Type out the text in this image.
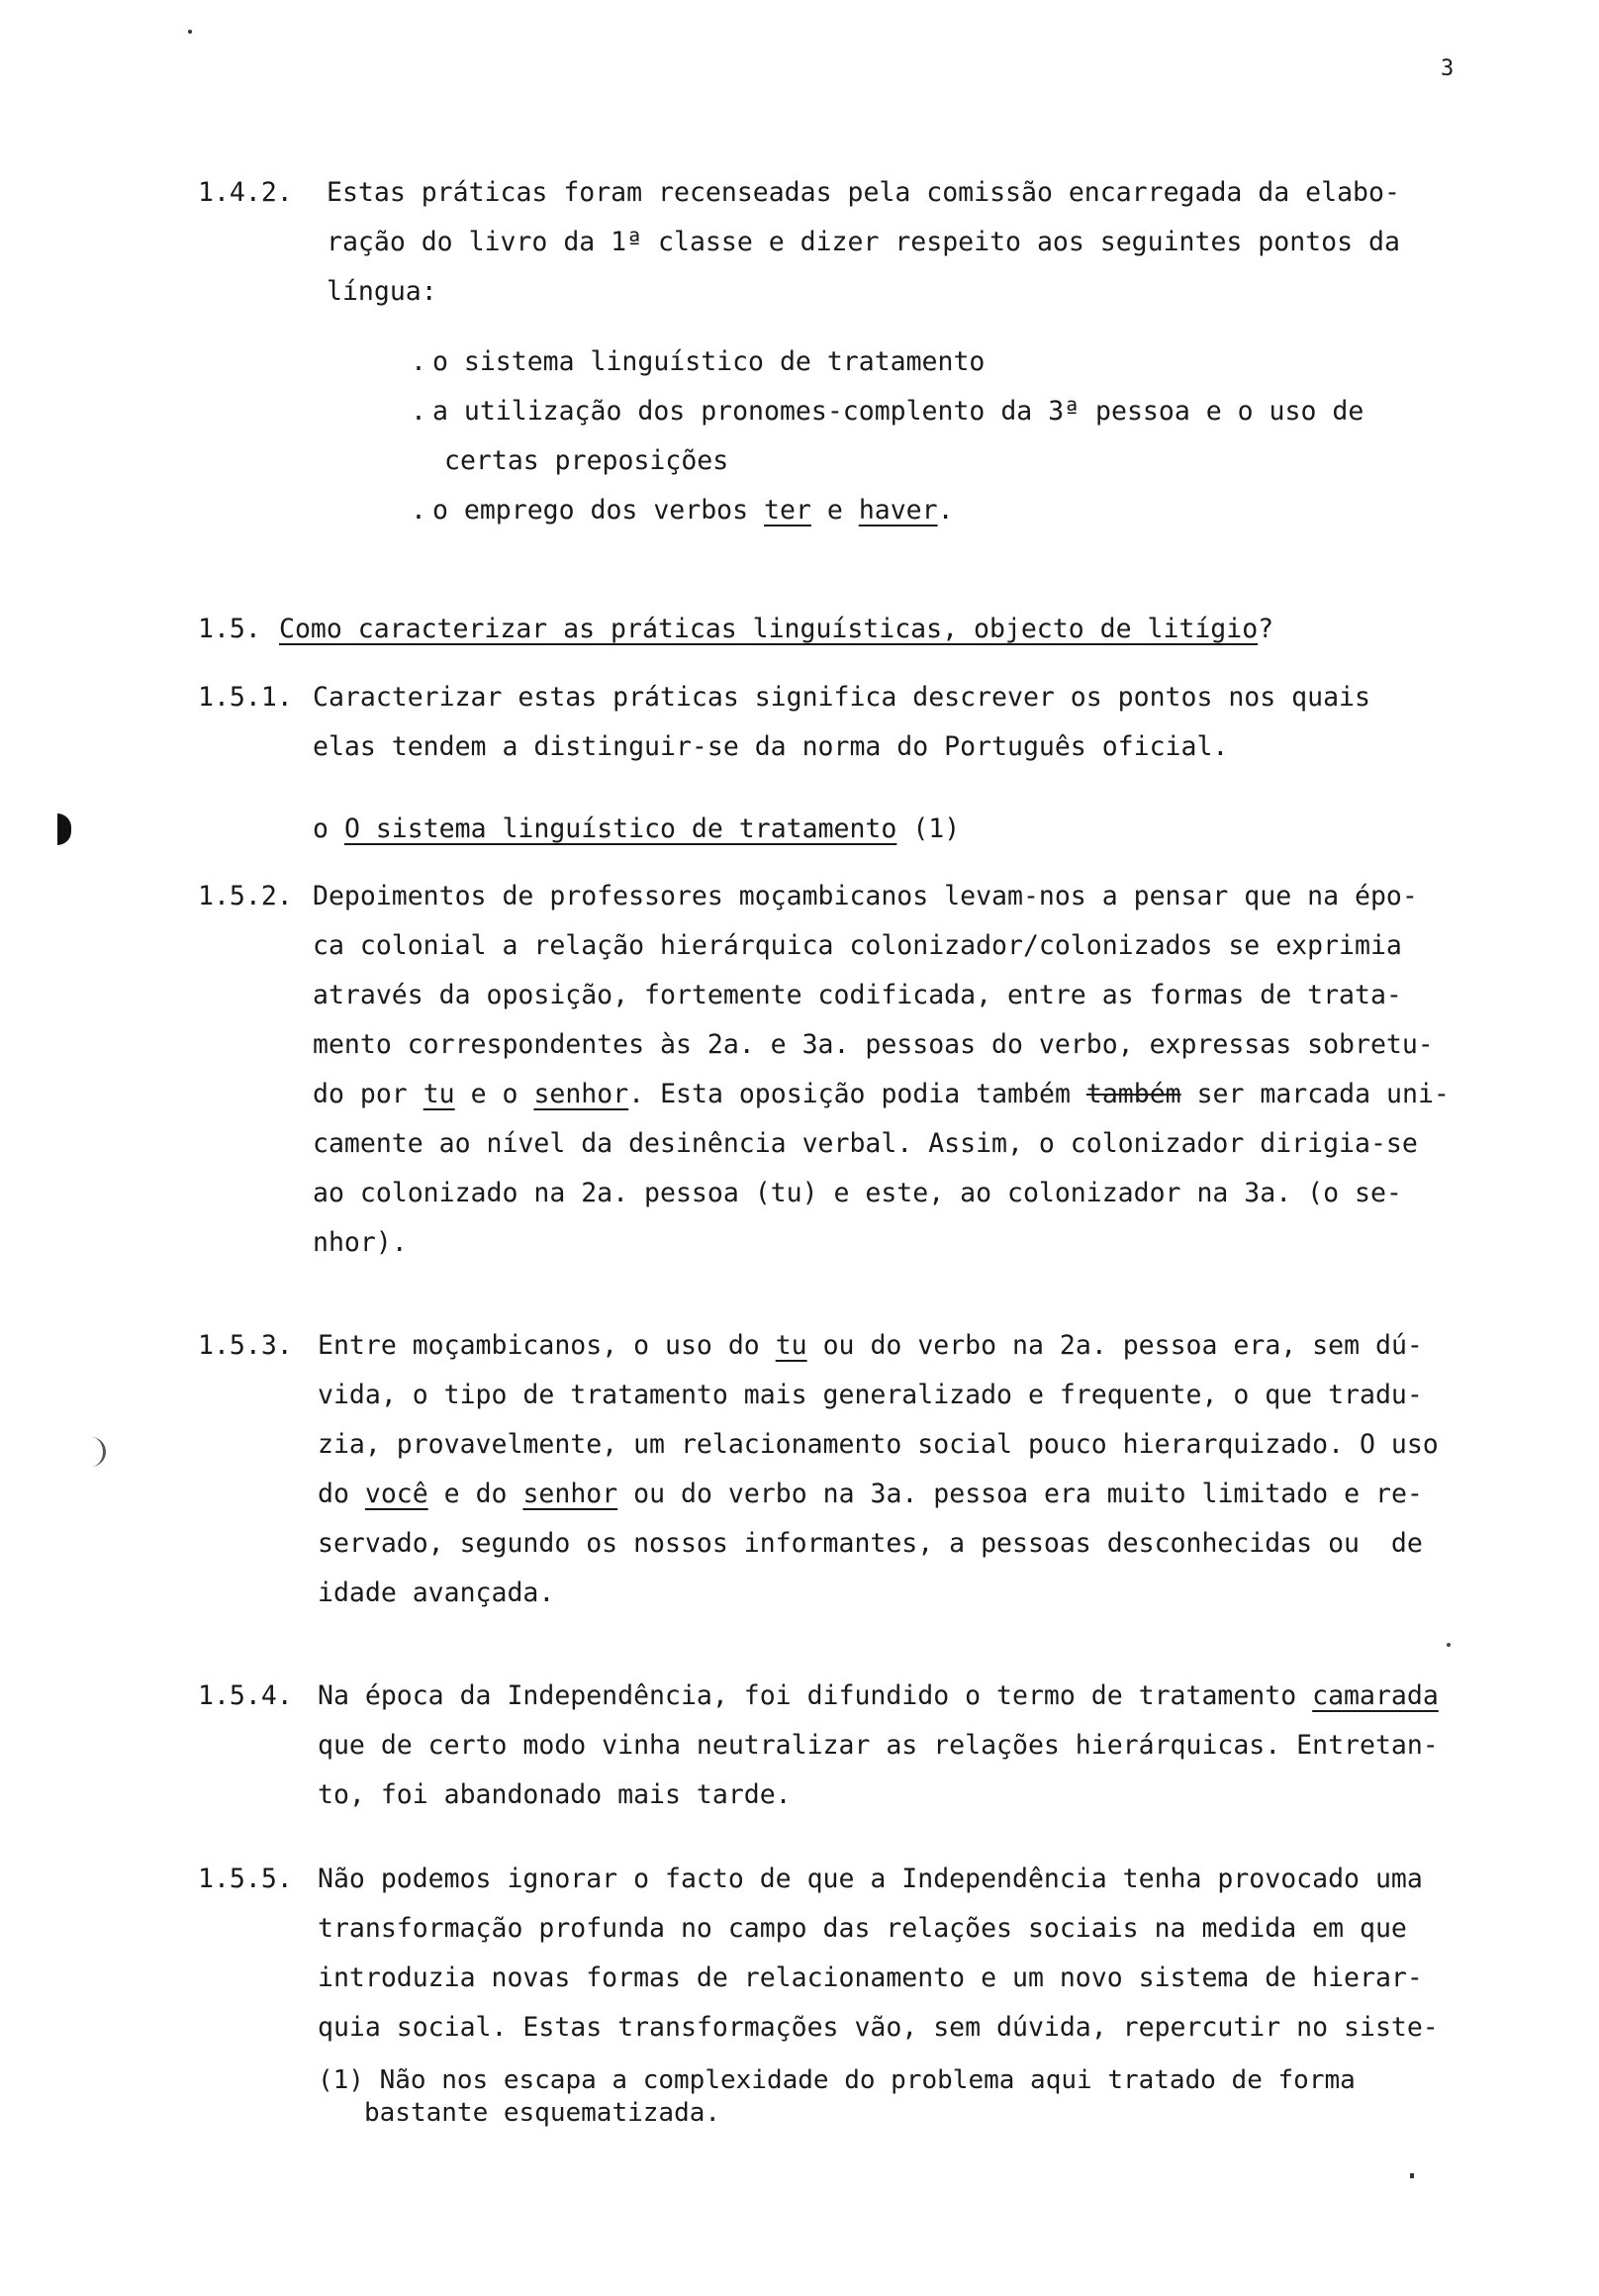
3
1.4.2. Estas práticas foram recenseadas pela comissão encarregada da elabo-
ração do livro da 1ª classe e dizer respeito aos seguintes pontos da
língua:
. o sistema linguístico de tratamento
. a utilização dos pronomes-complento da 3ª pessoa e o uso de
certas preposições
. o emprego dos verbos ter e haver.
1.5. Como caracterizar as práticas linguísticas, objecto de litígio?
1.5.1. Caracterizar estas práticas significa descrever os pontos nos quais
elas tendem a distinguir-se da norma do Português oficial.
o O sistema linguístico de tratamento (1)
1.5.2. Depoimentos de professores moçambicanos levam-nos a pensar que na épo-
ca colonial a relação hierárquica colonizador/colonizados se exprimia
através da oposição, fortemente codificada, entre as formas de trata-
mento correspondentes às 2a. e 3a. pessoas do verbo, expressas sobretu-
do por tu e o senhor. Esta oposição podia também também ser marcada uni-
camente ao nível da desinência verbal. Assim, o colonizador dirigia-se
ao colonizado na 2a. pessoa (tu) e este, ao colonizador na 3a. (o se-
nhor).
1.5.3. Entre moçambicanos, o uso do tu ou do verbo na 2a. pessoa era, sem dú-
vida, o tipo de tratamento mais generalizado e frequente, o que tradu-
zia, provavelmente, um relacionamento social pouco hierarquizado. O uso
do você e do senhor ou do verbo na 3a. pessoa era muito limitado e re-
servado, segundo os nossos informantes, a pessoas desconhecidas ou  de
idade avançada.
1.5.4. Na época da Independência, foi difundido o termo de tratamento camarada
que de certo modo vinha neutralizar as relações hierárquicas. Entretan-
to, foi abandonado mais tarde.
1.5.5. Não podemos ignorar o facto de que a Independência tenha provocado uma
transformação profunda no campo das relações sociais na medida em que
introduzia novas formas de relacionamento e um novo sistema de hierar-
quia social. Estas transformações vão, sem dúvida, repercutir no siste-
(1) Não nos escapa a complexidade do problema aqui tratado de forma
bastante esquematizada.
